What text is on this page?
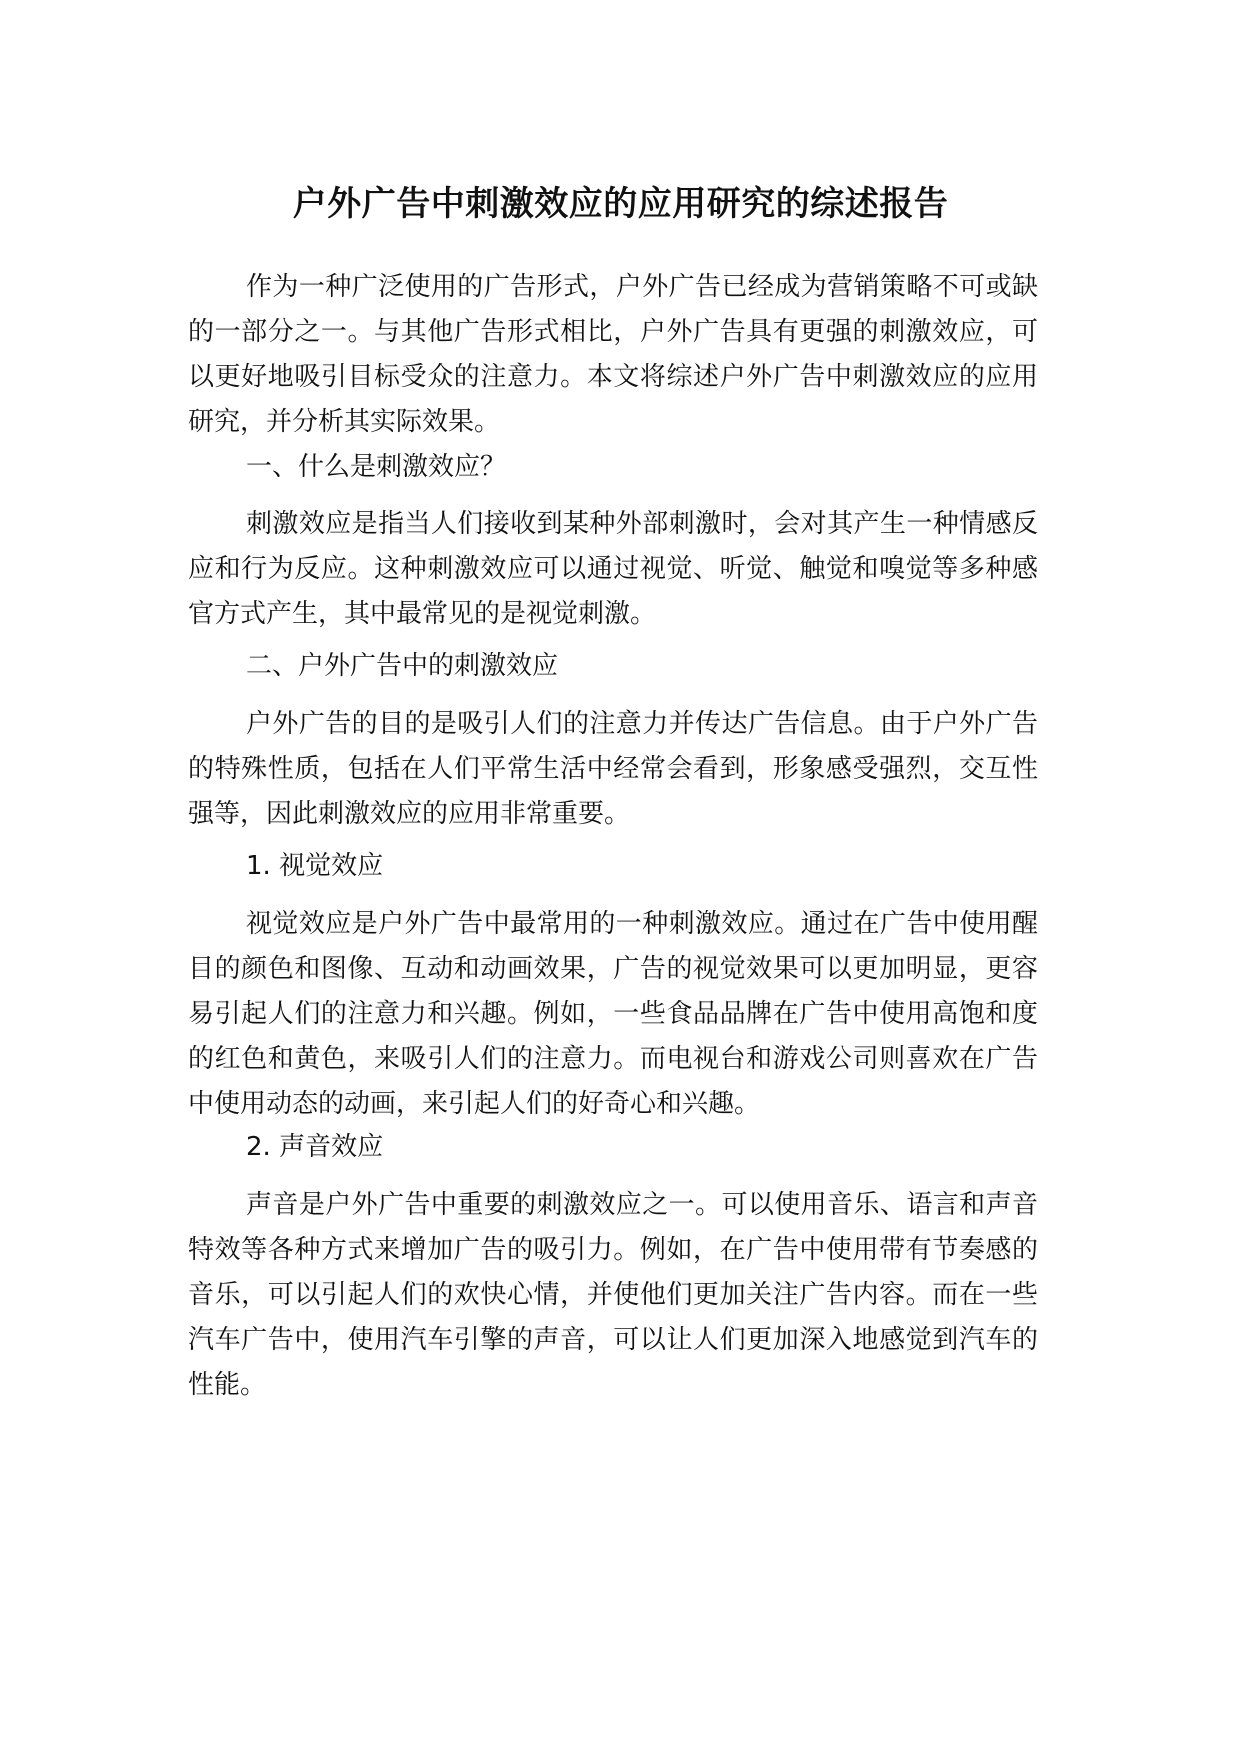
户外广告中刺激效应的应用研究的综述报告

作为一种广泛使用的广告形式，户外广告已经成为营销策略不可或缺的一部分之一。与其他广告形式相比，户外广告具有更强的刺激效应，可以更好地吸引目标受众的注意力。本文将综述户外广告中刺激效应的应用研究，并分析其实际效果。

一、什么是刺激效应？

刺激效应是指当人们接收到某种外部刺激时，会对其产生一种情感反应和行为反应。这种刺激效应可以通过视觉、听觉、触觉和嗅觉等多种感官方式产生，其中最常见的是视觉刺激。

二、户外广告中的刺激效应

户外广告的目的是吸引人们的注意力并传达广告信息。由于户外广告的特殊性质，包括在人们平常生活中经常会看到，形象感受强烈，交互性强等，因此刺激效应的应用非常重要。

1. 视觉效应

视觉效应是户外广告中最常用的一种刺激效应。通过在广告中使用醒目的颜色和图像、互动和动画效果，广告的视觉效果可以更加明显，更容易引起人们的注意力和兴趣。例如，一些食品品牌在广告中使用高饱和度的红色和黄色，来吸引人们的注意力。而电视台和游戏公司则喜欢在广告中使用动态的动画，来引起人们的好奇心和兴趣。

2. 声音效应

声音是户外广告中重要的刺激效应之一。可以使用音乐、语言和声音特效等各种方式来增加广告的吸引力。例如，在广告中使用带有节奏感的音乐，可以引起人们的欢快心情，并使他们更加关注广告内容。而在一些汽车广告中，使用汽车引擎的声音，可以让人们更加深入地感觉到汽车的性能。
